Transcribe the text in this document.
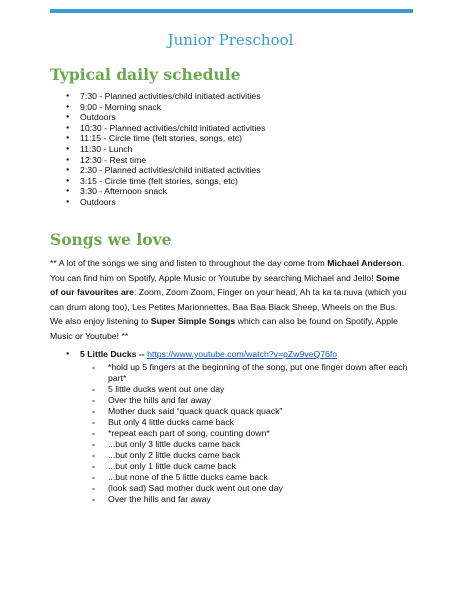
Junior Preschool
Typical daily schedule
● 7:30 - Planned activities/child initiated activities
● 9:00 - Morning snack
● Outdoors
● 10:30 - Planned activities/child initiated activities
● 11:15 - Circle time (felt stories, songs, etc)
● 11:30 - Lunch
● 12:30 - Rest time
● 2:30 - Planned activities/child initiated activities
● 3:15 - Circle time (felt stories, songs, etc)
● 3:30 - Afternoon snack
● Outdoors
Songs we love

** A lot of the songs we sing and listen to throughout the day come from Michael Anderson. You can find him on Spotify, Apple Music or Youtube by searching Michael and Jello! Some of our favourites are: Zoom, Zoom Zoom, Finger on your head, Ah ta ka ta nuva (which you can drum along too), Les Petites Marionnettes, Baa Baa Black Sheep, Wheels on the Bus. We also enjoy listening to Super Simple Songs which can also be found on Spotify, Apple Music or Youtube! **

● 5 Little Ducks -- https://www.youtube.com/watch?v=pZw9veQ76fo
- *hold up 5 fingers at the beginning of the song, put one finger down after each part*
- 5 little ducks went out one day
- Over the hills and far away
- Mother duck said “quack quack quack quack”
- But only 4 little ducks came back
- *repeat each part of song, counting down*
- ...but only 3 little ducks came back
- ...but only 2 little ducks came back
- ...but only 1 little duck came back
- ...but none of the 5 little ducks came back
- (look sad) Sad mother duck went out one day
- Over the hills and far away
